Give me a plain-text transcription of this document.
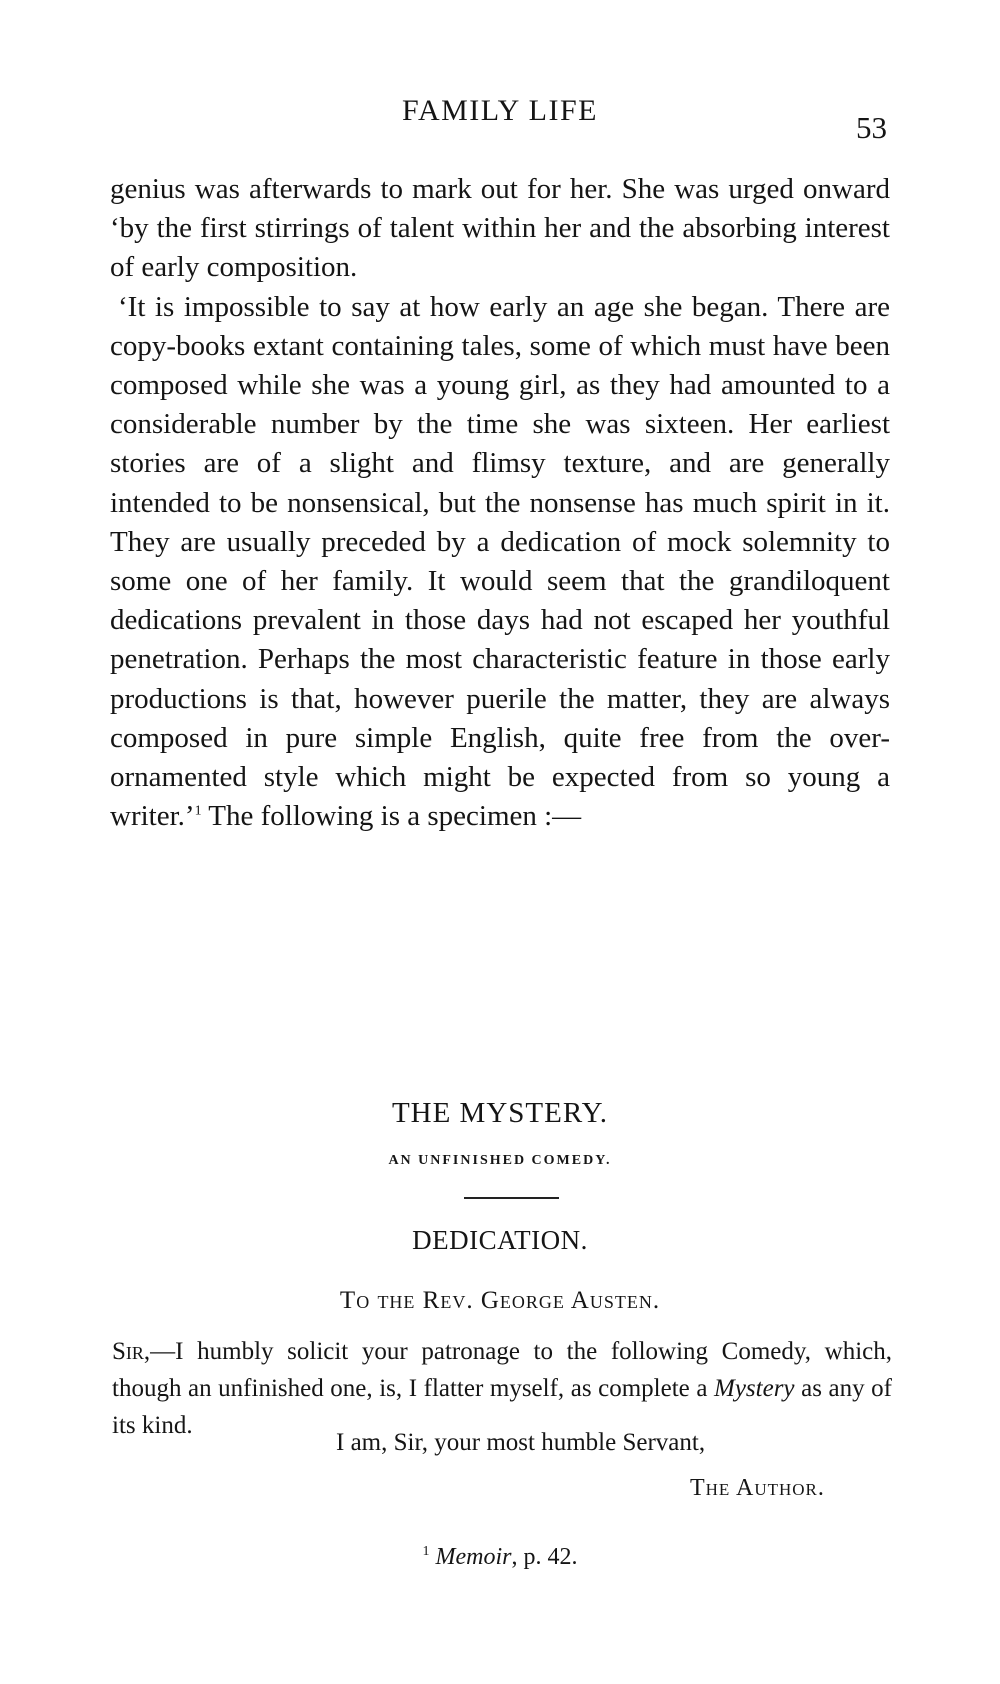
FAMILY LIFE	53

genius was afterwards to mark out for her. She was urged onward ‘by the first stirrings of talent within her and the absorbing interest of early composition.

‘It is impossible to say at how early an age she began. There are copy-books extant containing tales, some of which must have been composed while she was a young girl, as they had amounted to a considerable number by the time she was sixteen. Her earliest stories are of a slight and flimsy texture, and are generally intended to be nonsensical, but the nonsense has much spirit in it. They are usually preceded by a dedication of mock solemnity to some one of her family. It would seem that the grandiloquent dedications prevalent in those days had not escaped her youthful penetration. Perhaps the most characteristic feature in those early productions is that, however puerile the matter, they are always composed in pure simple English, quite free from the over-ornamented style which might be expected from so young a writer.’$^1$ The following is a specimen :—

THE MYSTERY.
AN UNFINISHED COMEDY.
DEDICATION.
To the Rev. George Austen.

Sir,—I humbly solicit your patronage to the following Comedy, which, though an unfinished one, is, I flatter myself, as complete a Mystery as any of its kind.

I am, Sir, your most humble Servant,
The Author.
$^1$ Memoir, p. 42.
